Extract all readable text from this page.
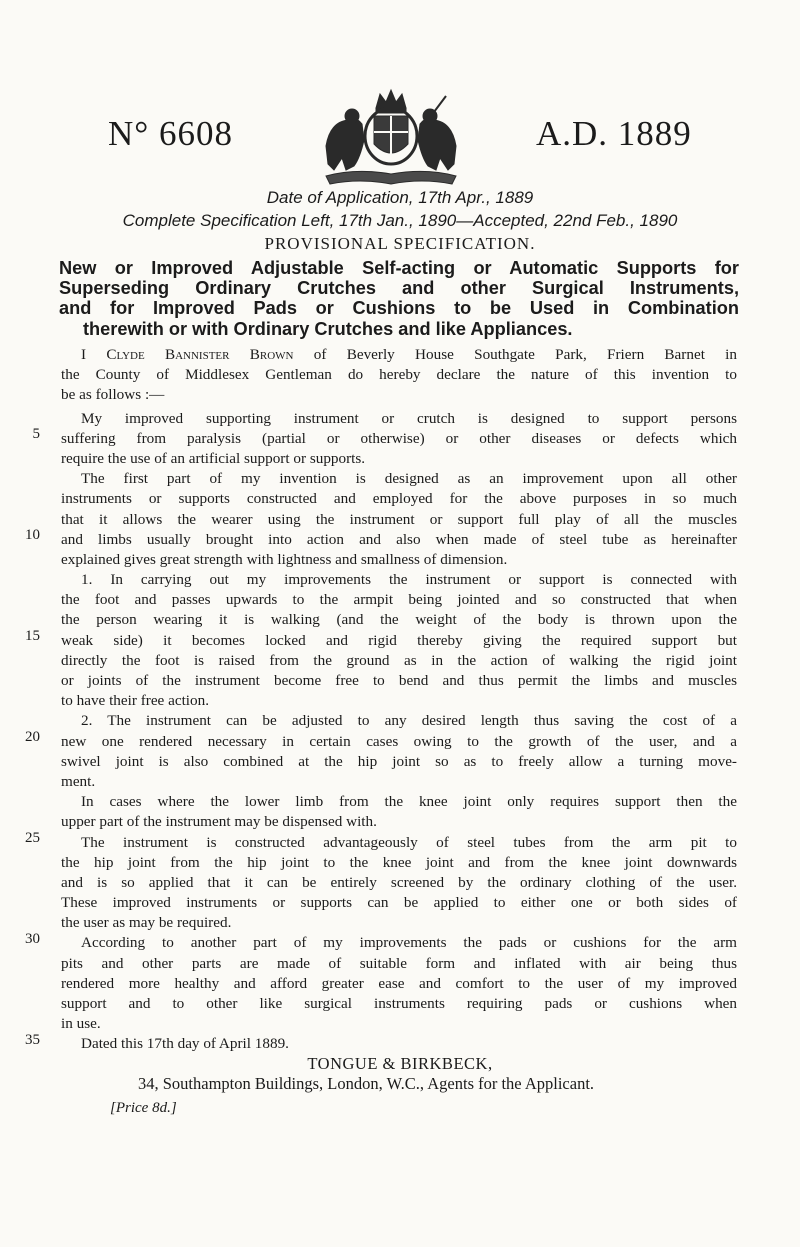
N° 6608	A.D. 1889
Date of Application, 17th Apr., 1889
Complete Specification Left, 17th Jan., 1890—Accepted, 22nd Feb., 1890
PROVISIONAL SPECIFICATION.
New or Improved Adjustable Self-acting or Automatic Supports for
Superseding Ordinary Crutches and other Surgical Instruments,
and for Improved Pads or Cushions to be Used in Combination
therewith or with Ordinary Crutches and like Appliances.
I Clyde Bannister Brown of Beverly House Southgate Park, Friern Barnet in
the County of Middlesex Gentleman do hereby declare the nature of this invention to
be as follows :—
My improved supporting instrument or crutch is designed to support persons
suffering from paralysis (partial or otherwise) or other diseases or defects which
require the use of an artificial support or supports.
The first part of my invention is designed as an improvement upon all other
instruments or supports constructed and employed for the above purposes in so much
that it allows the wearer using the instrument or support full play of all the muscles
and limbs usually brought into action and also when made of steel tube as hereinafter
explained gives great strength with lightness and smallness of dimension.
1. In carrying out my improvements the instrument or support is connected with
the foot and passes upwards to the armpit being jointed and so constructed that when
the person wearing it is walking (and the weight of the body is thrown upon the
weak side) it becomes locked and rigid thereby giving the required support but
directly the foot is raised from the ground as in the action of walking the rigid joint
or joints of the instrument become free to bend and thus permit the limbs and muscles
to have their free action.
2. The instrument can be adjusted to any desired length thus saving the cost of a
new one rendered necessary in certain cases owing to the growth of the user, and a
swivel joint is also combined at the hip joint so as to freely allow a turning move-
ment.
In cases where the lower limb from the knee joint only requires support then the
upper part of the instrument may be dispensed with.
The instrument is constructed advantageously of steel tubes from the arm pit to
the hip joint from the hip joint to the knee joint and from the knee joint downwards
and is so applied that it can be entirely screened by the ordinary clothing of the user.
These improved instruments or supports can be applied to either one or both sides of
the user as may be required.
According to another part of my improvements the pads or cushions for the arm
pits and other parts are made of suitable form and inflated with air being thus
rendered more healthy and afford greater ease and comfort to the user of my improved
support and to other like surgical instruments requiring pads or cushions when
in use.
Dated this 17th day of April 1889.
5
10
15
20
25
30
35
TONGUE & BIRKBECK,
34, Southampton Buildings, London, W.C., Agents for the Applicant.
[Price 8d.]
